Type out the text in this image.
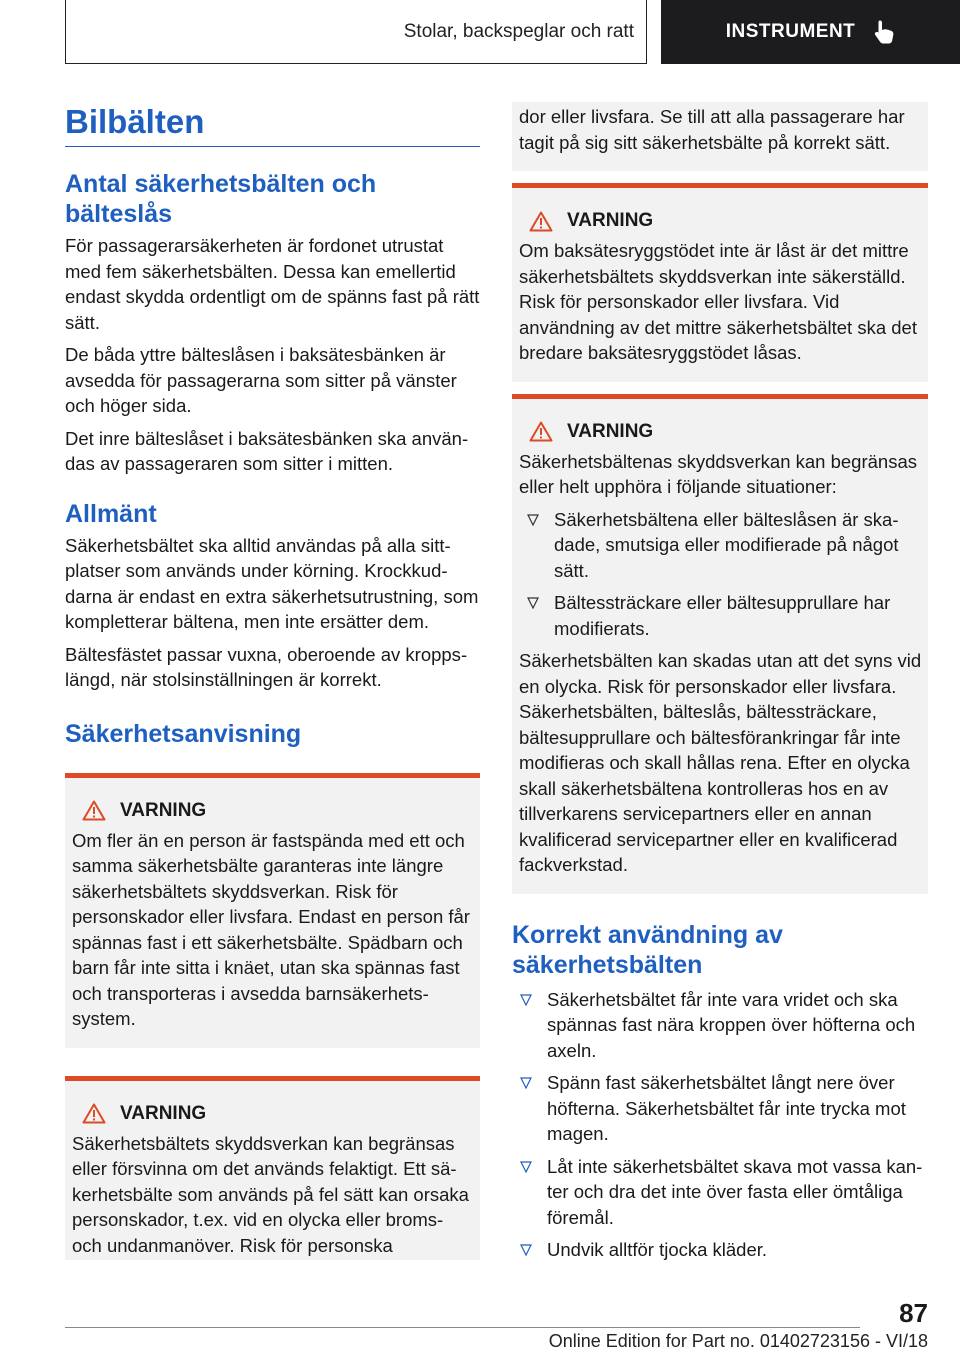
Stolar, backspeglar och ratt	INSTRUMENT
Bilbälten
Antal säkerhetsbälten och bälteslås

För passagerarsäkerheten är fordonet utrustat med fem säkerhetsbälten. Dessa kan emellertid endast skydda ordentligt om de spänns fast på rätt sätt.

De båda yttre bälteslåsen i baksätesbänken är avsedda för passagerarna som sitter på vänster och höger sida.

Det inre bälteslåset i baksätesbänken ska användas av passageraren som sitter i mitten.

Allmänt

Säkerhetsbältet ska alltid användas på alla sittplatser som används under körning. Krockkuddarna är endast en extra säkerhetsutrustning, som kompletterar bältena, men inte ersätter dem.

Bältesfästet passar vuxna, oberoende av kroppslängd, när stolsinställningen är korrekt.

Säkerhetsanvisning
VARNING

Om fler än en person är fastspända med ett och samma säkerhetsbälte garanteras inte längre säkerhetsbältets skyddsverkan. Risk för personskador eller livsfara. Endast en person får spännas fast i ett säkerhetsbälte. Spädbarn och barn får inte sitta i knäet, utan ska spännas fast och transporteras i avsedda barnsäkerhetssystem.

VARNING

Säkerhetsbältets skyddsverkan kan begränsas eller försvinna om det används felaktigt. Ett säkerhetsbälte som används på fel sätt kan orsaka personskador, t.ex. vid en olycka eller broms- och undanmanöver. Risk för personska

dor eller livsfara. Se till att alla passagerare har tagit på sig sitt säkerhetsbälte på korrekt sätt.

VARNING

Om baksätesryggstödet inte är låst är det mittre säkerhetsbältets skyddsverkan inte säkerställd. Risk för personskador eller livsfara. Vid användning av det mittre säkerhetsbältet ska det bredare baksätesryggstödet låsas.

VARNING

Säkerhetsbältenas skyddsverkan kan begränsas eller helt upphöra i följande situationer:

Säkerhetsbältena eller bälteslåsen är skadade, smutsiga eller modifierade på något sätt.
Bältessträckare eller bältesupprullare har modifierats.

Säkerhetsbälten kan skadas utan att det syns vid en olycka. Risk för personskador eller livsfara. Säkerhetsbälten, bälteslås, bältessträckare, bältesupprullare och bältesförankringar får inte modifieras och skall hållas rena. Efter en olycka skall säkerhetsbältena kontrolleras hos en av tillverkarens servicepartners eller en annan kvalificerad servicepartner eller en kvalificerad fackverkstad.

Korrekt användning av säkerhetsbälten
Säkerhetsbältet får inte vara vridet och ska spännas fast nära kroppen över höfterna och axeln.
Spänn fast säkerhetsbältet långt nere över höfterna. Säkerhetsbältet får inte trycka mot magen.
Låt inte säkerhetsbältet skava mot vassa kanter och dra det inte över fasta eller ömtåliga föremål.
Undvik alltför tjocka kläder.
87
Online Edition for Part no. 01402723156 - VI/18
